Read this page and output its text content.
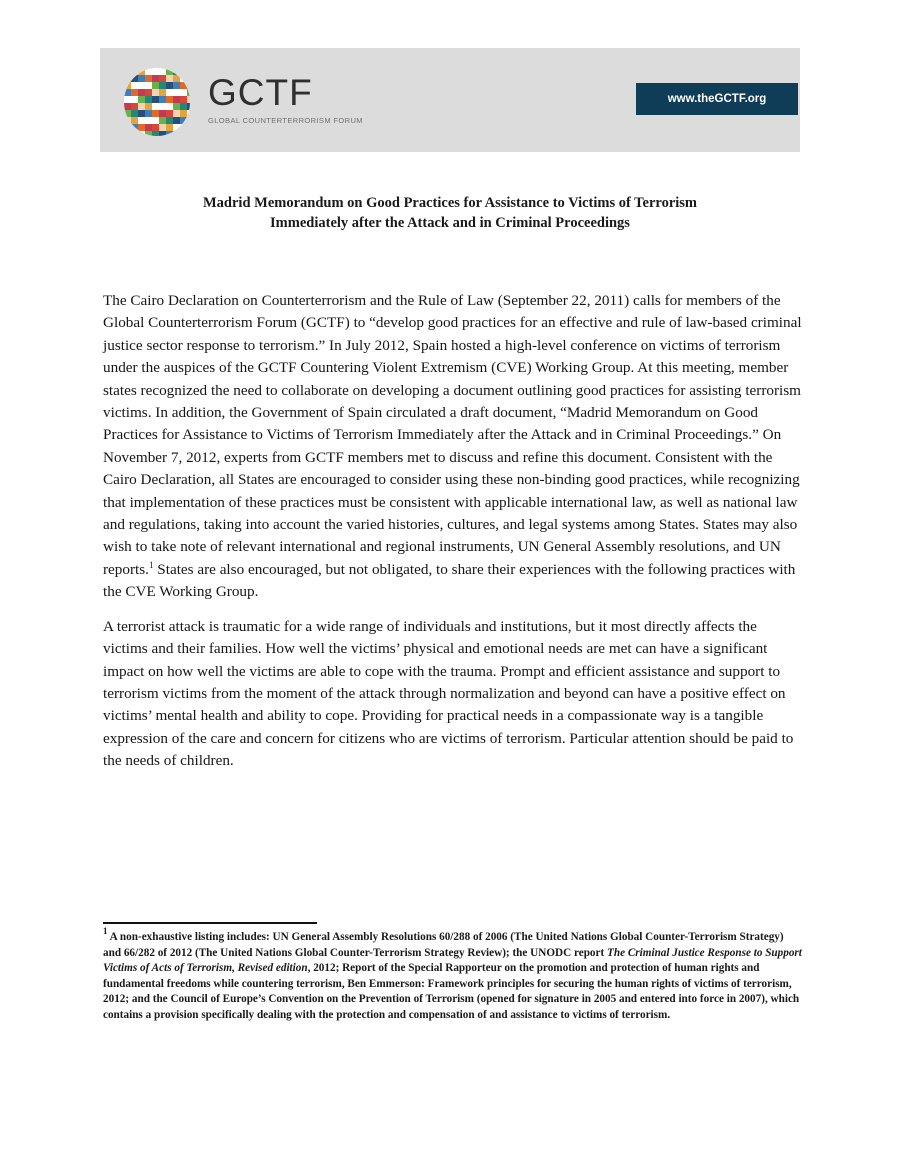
GCTF
GLOBAL COUNTERTERRORISM FORUM
www.theGCTF.org
Madrid Memorandum on Good Practices for Assistance to Victims of Terrorism
Immediately after the Attack and in Criminal Proceedings

The Cairo Declaration on Counterterrorism and the Rule of Law (September 22, 2011) calls for members of the Global Counterterrorism Forum (GCTF) to “develop good practices for an effective and rule of law-based criminal justice sector response to terrorism.” In July 2012, Spain hosted a high-level conference on victims of terrorism under the auspices of the GCTF Countering Violent Extremism (CVE) Working Group. At this meeting, member states recognized the need to collaborate on developing a document outlining good practices for assisting terrorism victims. In addition, the Government of Spain circulated a draft document, “Madrid Memorandum on Good Practices for Assistance to Victims of Terrorism Immediately after the Attack and in Criminal Proceedings.” On November 7, 2012, experts from GCTF members met to discuss and refine this document. Consistent with the Cairo Declaration, all States are encouraged to consider using these non-binding good practices, while recognizing that implementation of these practices must be consistent with applicable international law, as well as national law and regulations, taking into account the varied histories, cultures, and legal systems among States. States may also wish to take note of relevant international and regional instruments, UN General Assembly resolutions, and UN reports.$^1$ States are also encouraged, but not obligated, to share their experiences with the following practices with the CVE Working Group.

A terrorist attack is traumatic for a wide range of individuals and institutions, but it most directly affects the victims and their families. How well the victims’ physical and emotional needs are met can have a significant impact on how well the victims are able to cope with the trauma. Prompt and efficient assistance and support to terrorism victims from the moment of the attack through normalization and beyond can have a positive effect on victims’ mental health and ability to cope. Providing for practical needs in a compassionate way is a tangible expression of the care and concern for citizens who are victims of terrorism. Particular attention should be paid to the needs of children.

$^1$ A non-exhaustive listing includes: UN General Assembly Resolutions 60/288 of 2006 (The United Nations Global Counter-Terrorism Strategy) and 66/282 of 2012 (The United Nations Global Counter-Terrorism Strategy Review); the UNODC report The Criminal Justice Response to Support Victims of Acts of Terrorism, Revised edition, 2012; Report of the Special Rapporteur on the promotion and protection of human rights and fundamental freedoms while countering terrorism, Ben Emmerson: Framework principles for securing the human rights of victims of terrorism, 2012; and the Council of Europe’s Convention on the Prevention of Terrorism (opened for signature in 2005 and entered into force in 2007), which contains a provision specifically dealing with the protection and compensation of and assistance to victims of terrorism.
